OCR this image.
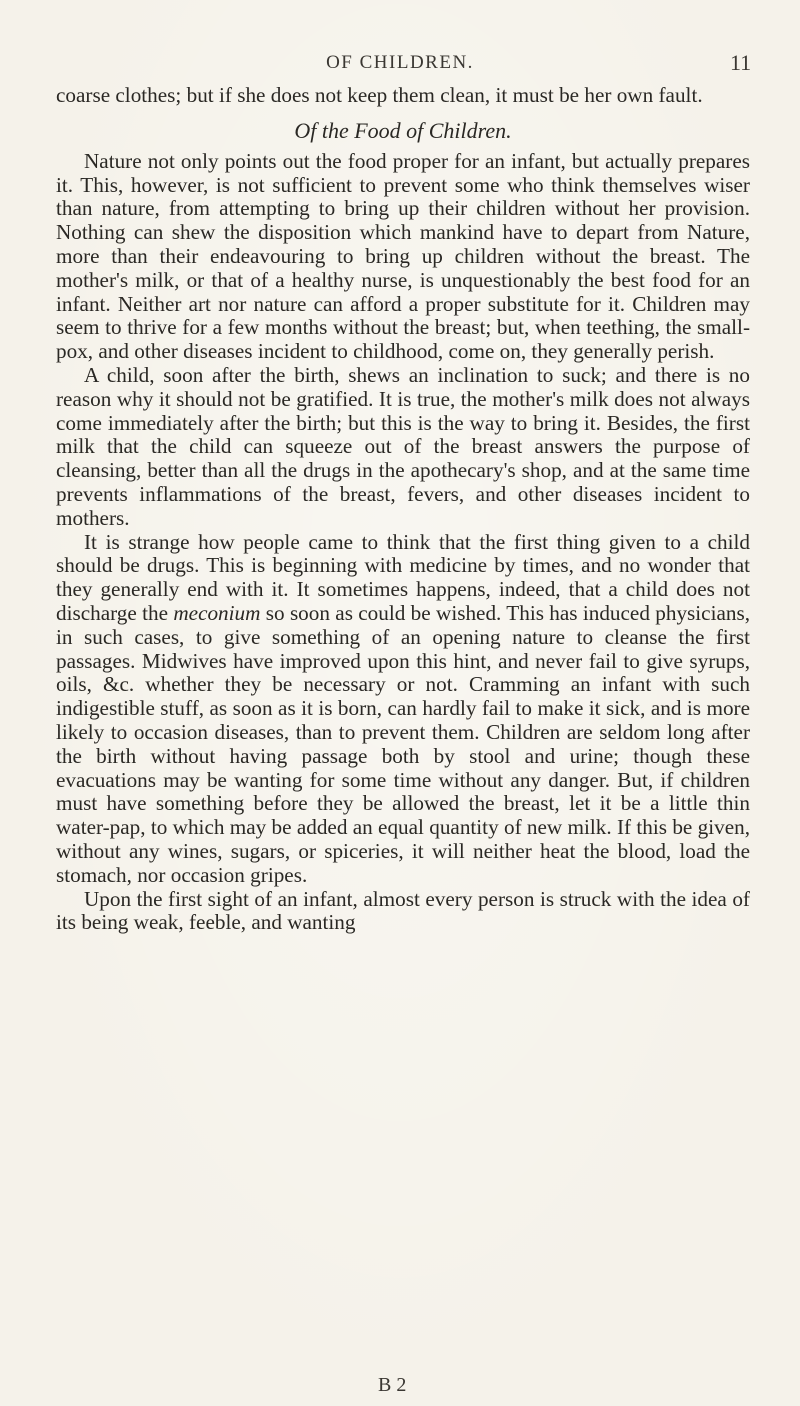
OF CHILDREN.	11

coarse clothes; but if she does not keep them clean, it must be her own fault.

Of the Food of Children.

Nature not only points out the food proper for an infant, but actually prepares it. This, however, is not sufficient to prevent some who think themselves wiser than nature, from attempting to bring up their children without her provision. Nothing can shew the disposition which mankind have to depart from Nature, more than their endeavouring to bring up children without the breast. The mother's milk, or that of a healthy nurse, is unquestionably the best food for an infant. Neither art nor nature can afford a proper substitute for it. Children may seem to thrive for a few months without the breast; but, when teething, the small-pox, and other diseases incident to childhood, come on, they generally perish.

A child, soon after the birth, shews an inclination to suck; and there is no reason why it should not be gratified. It is true, the mother's milk does not always come immediately after the birth; but this is the way to bring it. Besides, the first milk that the child can squeeze out of the breast answers the purpose of cleansing, better than all the drugs in the apothecary's shop, and at the same time prevents inflammations of the breast, fevers, and other diseases incident to mothers.

It is strange how people came to think that the first thing given to a child should be drugs. This is beginning with medicine by times, and no wonder that they generally end with it. It sometimes happens, indeed, that a child does not discharge the meconium so soon as could be wished. This has induced physicians, in such cases, to give something of an opening nature to cleanse the first passages. Midwives have improved upon this hint, and never fail to give syrups, oils, &c. whether they be necessary or not. Cramming an infant with such indigestible stuff, as soon as it is born, can hardly fail to make it sick, and is more likely to occasion diseases, than to prevent them. Children are seldom long after the birth without having passage both by stool and urine; though these evacuations may be wanting for some time without any danger. But, if children must have something before they be allowed the breast, let it be a little thin water-pap, to which may be added an equal quantity of new milk. If this be given, without any wines, sugars, or spiceries, it will neither heat the blood, load the stomach, nor occasion gripes.

Upon the first sight of an infant, almost every person is struck with the idea of its being weak, feeble, and wanting

B 2
